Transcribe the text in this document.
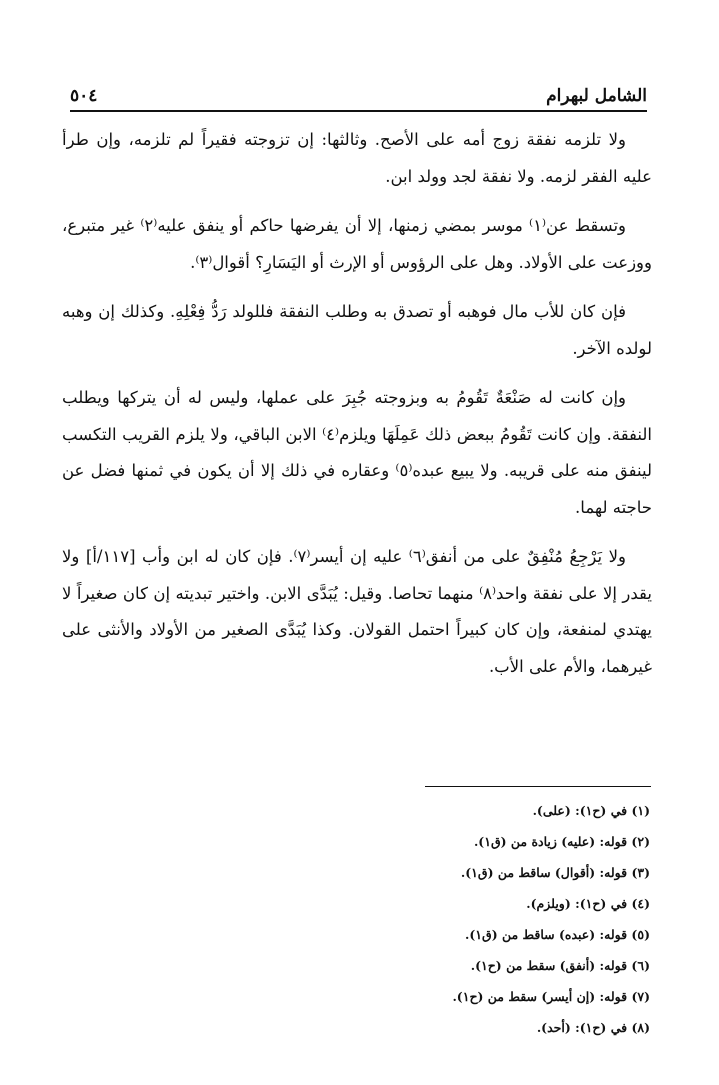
الشامل لبهرام
٥٠٤

ولا تلزمه نفقة زوج أمه على الأصح. وثالثها: إن تزوجته فقيراً لم تلزمه، وإن طرأ عليه الفقر لزمه. ولا نفقة لجد وولد ابن.

وتسقط عن⁽١⁾ موسر بمضي زمنها، إلا أن يفرضها حاكم أو ينفق عليه⁽٢⁾ غير متبرع، ووزعت على الأولاد. وهل على الرؤوس أو الإرث أو اليَسَارِ؟ أقوال⁽٣⁾.

فإن كان للأب مال فوهبه أو تصدق به وطلب النفقة فللولد رَدُّ فِعْلِهِ. وكذلك إن وهبه لولده الآخر.

وإن كانت له صَنْعَةٌ تَقُومُ به وبزوجته جُبِرَ على عملها، وليس له أن يتركها ويطلب النفقة. وإن كانت تَقُومُ ببعض ذلك عَمِلَهَا ويلزم⁽٤⁾ الابن الباقي، ولا يلزم القريب التكسب لينفق منه على قريبه. ولا يبيع عبده⁽٥⁾ وعقاره في ذلك إلا أن يكون في ثمنها فضل عن حاجته لهما.

ولا يَرْجِعُ مُنْفِقٌ على من أنفق⁽٦⁾ عليه إن أيسر⁽٧⁾. فإن كان له ابن وأب [١١٧/أ] ولا يقدر إلا على نفقة واحد⁽٨⁾ منهما تحاصا. وقيل: يُبَدَّى الابن. واختير تبديته إن كان صغيراً لا يهتدي لمنفعة، وإن كان كبيراً احتمل القولان. وكذا يُبَدَّى الصغير من الأولاد والأنثى على غيرهما، والأم على الأب.

(١) في (ح١): (على).
(٢) قوله: (عليه) زيادة من (ق١).
(٣) قوله: (أقوال) ساقط من (ق١).
(٤) في (ح١): (ويلزم).
(٥) قوله: (عبده) ساقط من (ق١).
(٦) قوله: (أنفق) سقط من (ح١).
(٧) قوله: (إن أيسر) سقط من (ح١).
(٨) في (ح١): (أحد).
